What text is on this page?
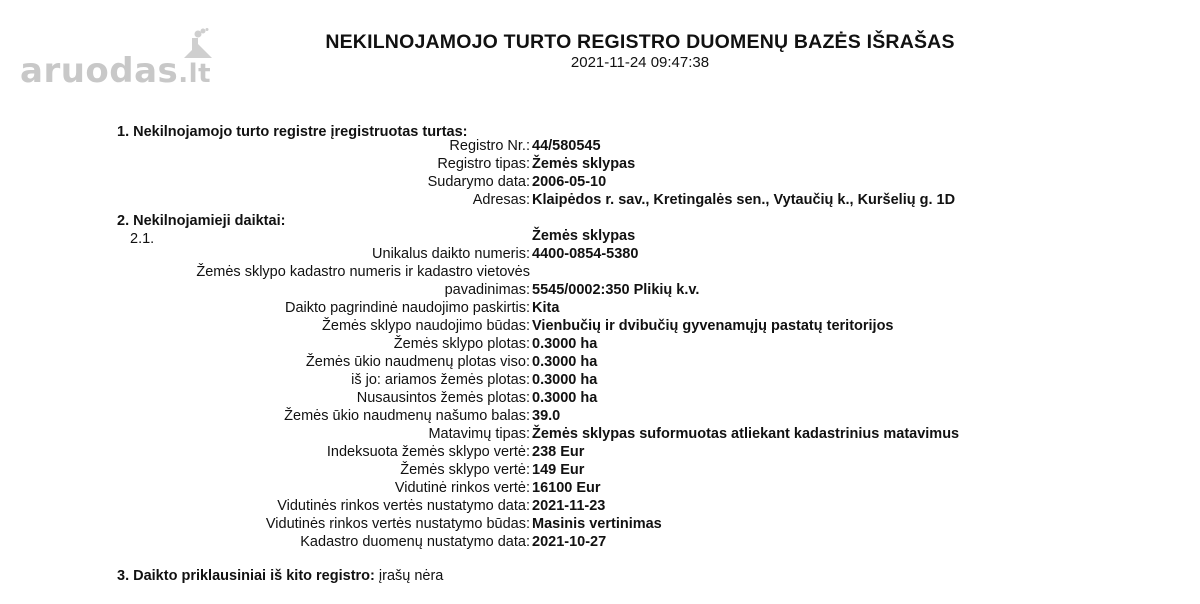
aruodas.lt
NEKILNOJAMOJO TURTO REGISTRO DUOMENŲ BAZĖS IŠRAŠAS
2021-11-24 09:47:38
1. Nekilnojamojo turto registre įregistruotas turtas:
Registro Nr.: 44/580545
Registro tipas: Žemės sklypas
Sudarymo data: 2006-05-10
Adresas: Klaipėdos r. sav., Kretingalės sen., Vytaučių k., Kuršelių g. 1D
2. Nekilnojamieji daiktai:
2.1.	Žemės sklypas
Unikalus daikto numeris: 4400-0854-5380
Žemės sklypo kadastro numeris ir kadastro vietovės
pavadinimas: 5545/0002:350 Plikių k.v.
Daikto pagrindinė naudojimo paskirtis: Kita
Žemės sklypo naudojimo būdas: Vienbučių ir dvibučių gyvenamųjų pastatų teritorijos
Žemės sklypo plotas: 0.3000 ha
Žemės ūkio naudmenų plotas viso: 0.3000 ha
iš jo: ariamos žemės plotas: 0.3000 ha
Nusausintos žemės plotas: 0.3000 ha
Žemės ūkio naudmenų našumo balas: 39.0
Matavimų tipas: Žemės sklypas suformuotas atliekant kadastrinius matavimus
Indeksuota žemės sklypo vertė: 238 Eur
Žemės sklypo vertė: 149 Eur
Vidutinė rinkos vertė: 16100 Eur
Vidutinės rinkos vertės nustatymo data: 2021-11-23
Vidutinės rinkos vertės nustatymo būdas: Masinis vertinimas
Kadastro duomenų nustatymo data: 2021-10-27
3. Daikto priklausiniai iš kito registro: įrašų nėra
